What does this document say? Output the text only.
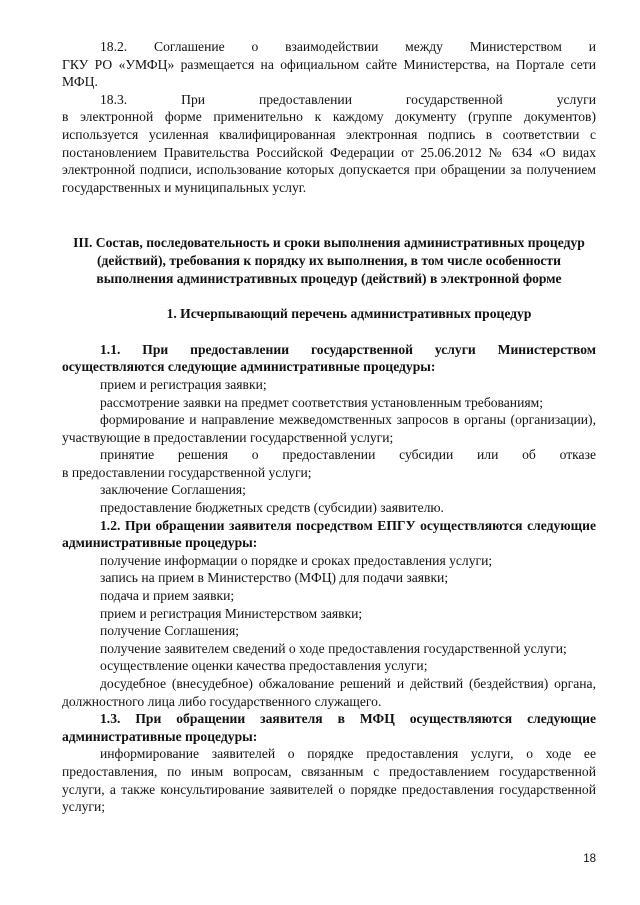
18.2. Соглашение о взаимодействии между Министерством и

ГКУ РО «УМФЦ» размещается на официальном сайте Министерства, на Портале сети МФЦ.

18.3. При предоставлении государственной услуги

в электронной форме применительно к каждому документу (группе документов) используется усиленная квалифицированная электронная подпись в соответствии с постановлением Правительства Российской Федерации от 25.06.2012 № 634 «О видах электронной подписи, использование которых допускается при обращении за получением государственных и муниципальных услуг.

III. Состав, последовательность и сроки выполнения административных процедур (действий), требования к порядку их выполнения, в том числе особенности выполнения административных процедур (действий) в электронной форме

1. Исчерпывающий перечень административных процедур

1.1. При предоставлении государственной услуги Министерством осуществляются следующие административные процедуры:

прием и регистрация заявки;

рассмотрение заявки на предмет соответствия установленным требованиям;

формирование и направление межведомственных запросов в органы (организации), участвующие в предоставлении государственной услуги;

принятие решения о предоставлении субсидии или об отказе

в предоставлении государственной услуги;

заключение Соглашения;

предоставление бюджетных средств (субсидии) заявителю.

1.2. При обращении заявителя посредством ЕПГУ осуществляются следующие административные процедуры:

получение информации о порядке и сроках предоставления услуги;

запись на прием в Министерство (МФЦ) для подачи заявки;

подача и прием заявки;

прием и регистрация Министерством заявки;

получение Соглашения;

получение заявителем сведений о ходе предоставления государственной услуги;

осуществление оценки качества предоставления услуги;

досудебное (внесудебное) обжалование решений и действий (бездействия) органа, должностного лица либо государственного служащего.

1.3. При обращении заявителя в МФЦ осуществляются следующие административные процедуры:

информирование заявителей о порядке предоставления услуги, о ходе ее предоставления, по иным вопросам, связанным с предоставлением государственной услуги, а также консультирование заявителей о порядке предоставления государственной услуги;

18
